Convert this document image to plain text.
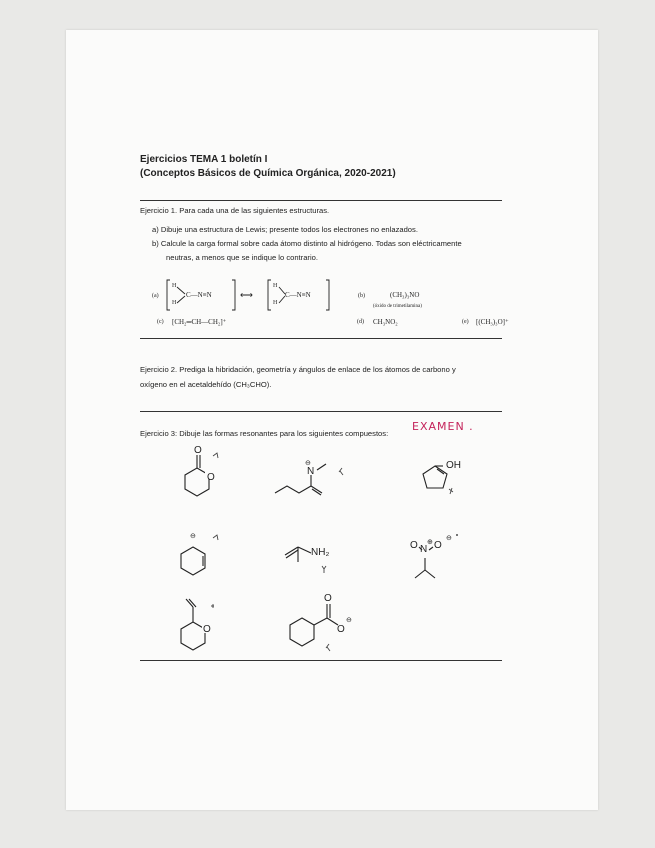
Ejercicios TEMA 1 boletín I
(Conceptos Básicos de Química Orgánica, 2020-2021)
Ejercicio 1. Para cada una de las siguientes estructuras.
a) Dibuje una estructura de Lewis; presente todos los electrones no enlazados.
b) Calcule la carga formal sobre cada átomo distinto al hidrógeno. Todas son eléctricamente
neutras, a menos que se indique lo contrario.
(a)
H
H
C—N≡N	⟷
H
H
C—N≡N	(b)	(CH₃)₃NO
(óxido de trimetilamina)
(c) [CH₂═CH—CH₂]⁺	(d) CH₃NO₂	(e) [(CH₃)₃O]⁺
Ejercicio 2. Prediga la hibridación, geometría y ángulos de enlace de los átomos de carbono y
oxígeno en el acetaldehído (CH₃CHO).
Ejercicio 3: Dibuje las formas resonantes para los siguientes compuestos:
EXAMEN .
O
O
N
⊖	OH
⊖
NH₂
O N
⊕ O
⊖
O
O
O
⊖
